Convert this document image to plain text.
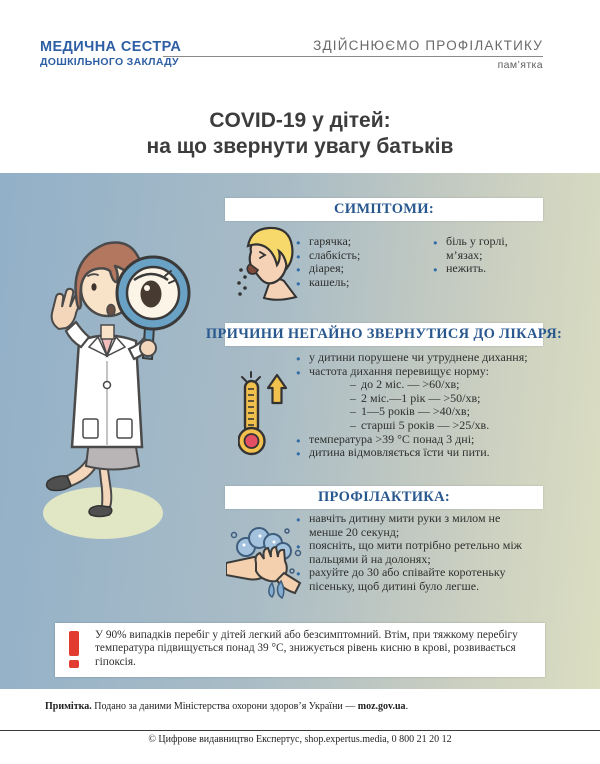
МЕДИЧНА СЕСТРА
ДОШКІЛЬНОГО ЗАКЛАДУ
ЗДІЙСНЮЄМО ПРОФІЛАКТИКУ
пам’ятка
COVID-19 у дітей:
на що звернути увагу батьків
СИМПТОМИ:
● гарячка;
● слабкість;
● діарея;
● кашель;
● біль у горлі, м’язах;
● нежить.
ПРИЧИНИ НЕГАЙНО ЗВЕРНУТИСЯ ДО ЛІКАРЯ:
● у дитини порушене чи утруднене дихання;
● частота дихання перевищує норму:
– до 2 міс. — >60/хв;
– 2 міс.—1 рік — >50/хв;
– 1—5 років — >40/хв;
– старші 5 років — >25/хв.
● температура >39 °С понад 3 дні;
● дитина відмовляється їсти чи пити.
ПРОФІЛАКТИКА:
● навчіть дитину мити руки з милом не менше 20 секунд;
● поясніть, що мити потрібно ретельно між пальцями й на долонях;
● рахуйте до 30 або співайте коротеньку пісеньку, щоб дитині було легше.
У 90% випадків перебіг у дітей легкий або безсимптомний. Втім, при тяжкому перебігу температура підвищується понад 39 °С, знижується рівень кисню в крові, розвивається гіпоксія.
Примітка. Подано за даними Міністерства охорони здоров’я України — moz.gov.ua.
© Цифрове видавництво Експертус, shop.expertus.media, 0 800 21 20 12
